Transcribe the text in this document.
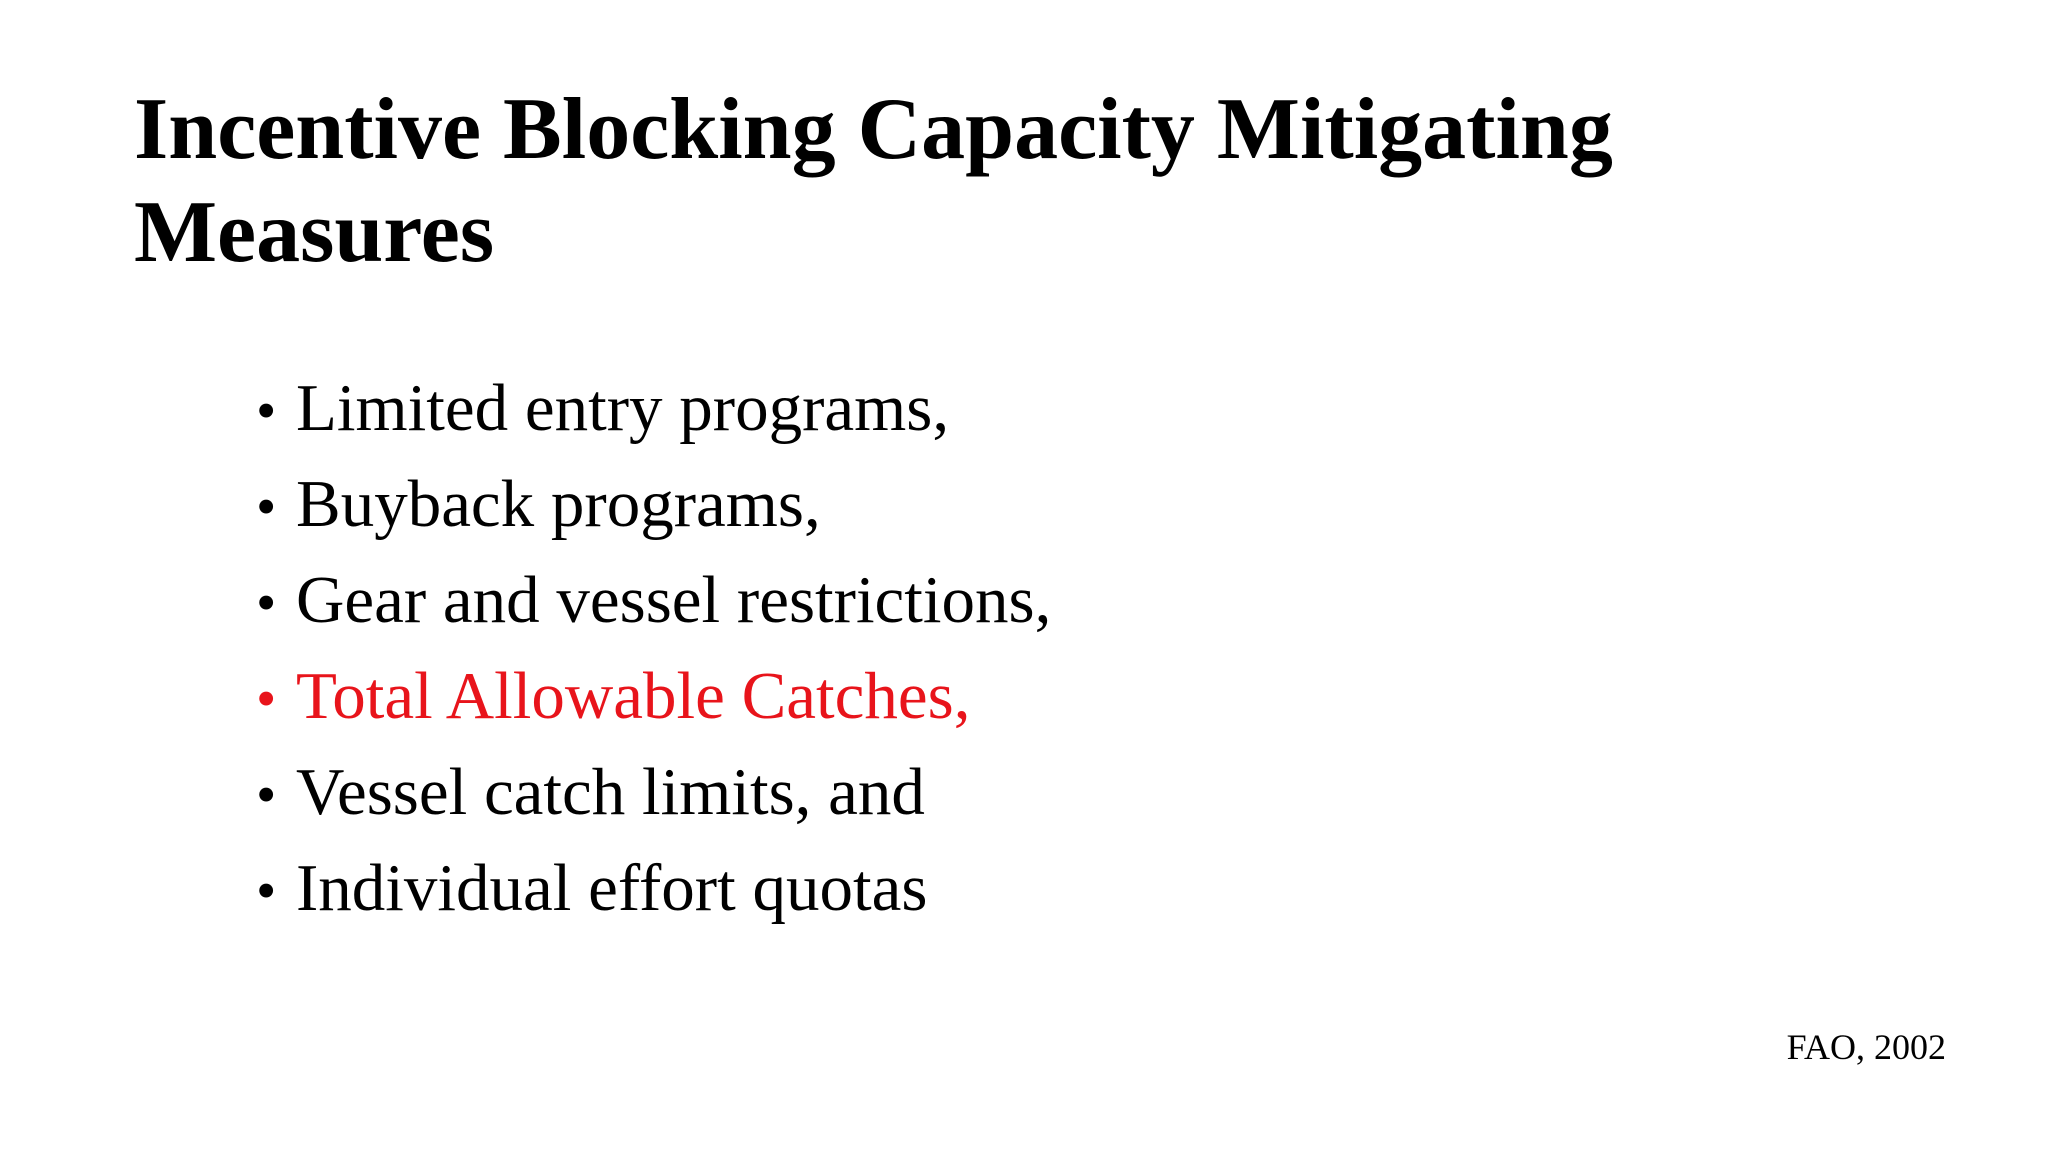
Incentive Blocking Capacity Mitigating Measures
• Limited entry programs,
• Buyback programs,
• Gear and vessel restrictions,
• Total Allowable Catches,
• Vessel catch limits, and
• Individual effort quotas
FAO, 2002
